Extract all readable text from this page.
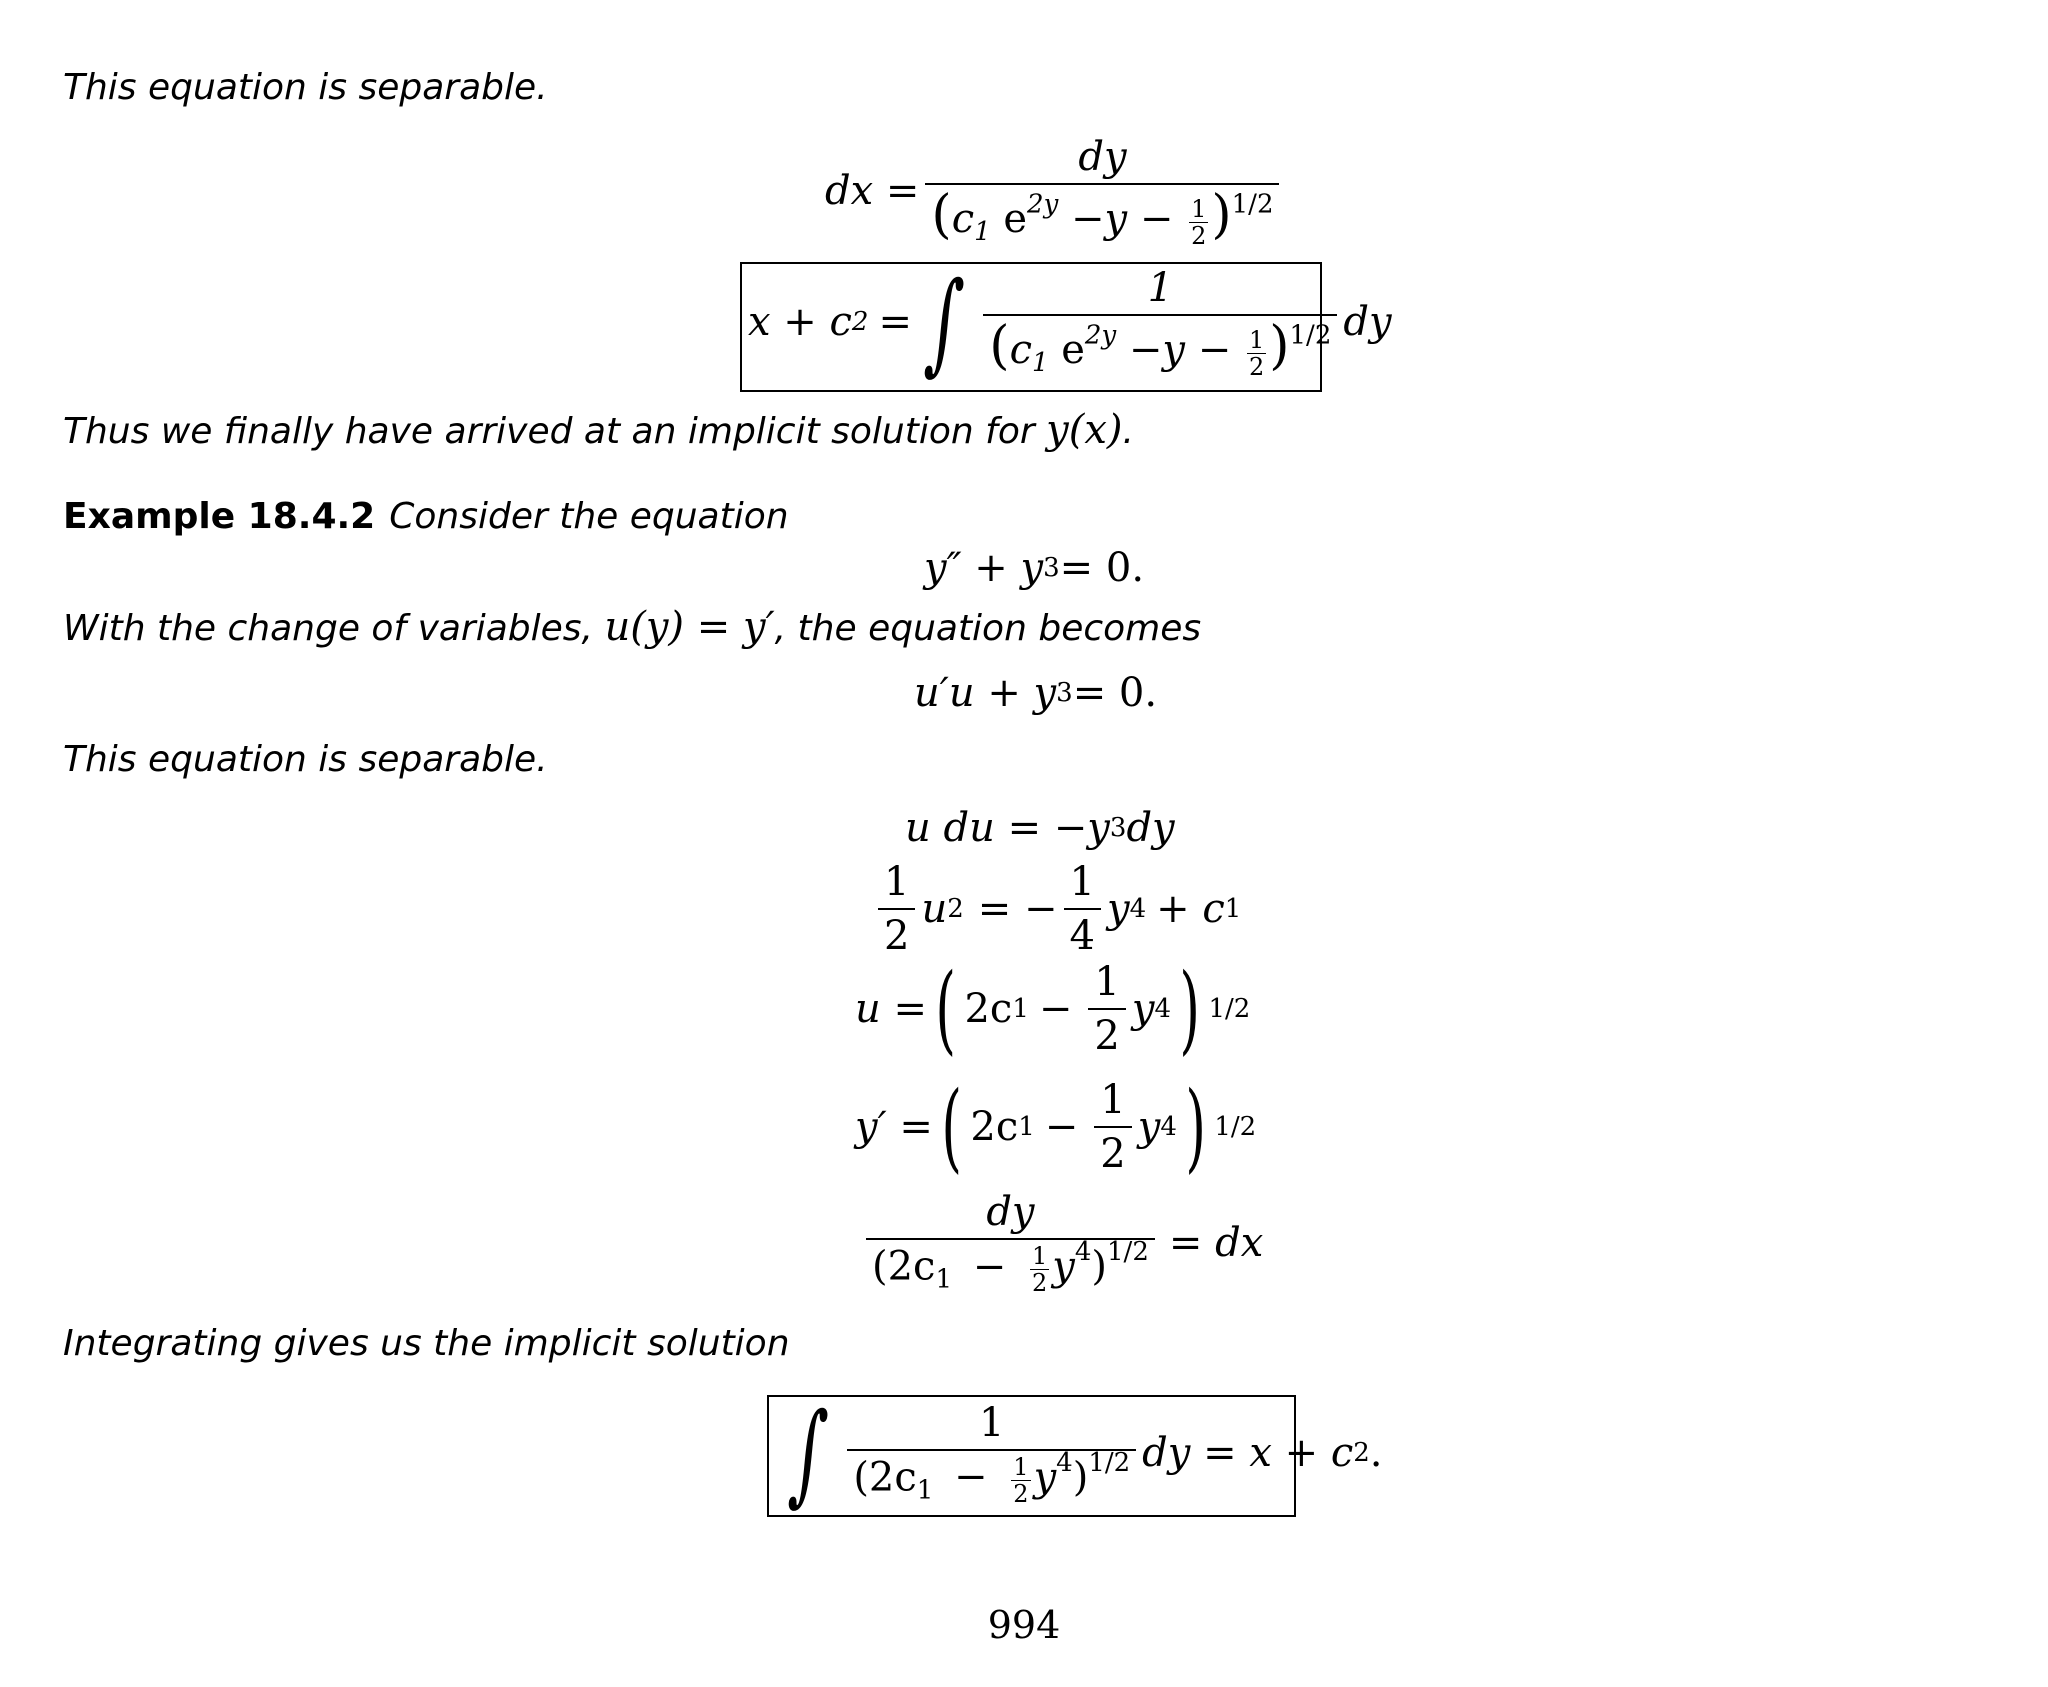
This equation is separable.
dx = $\frac{dy}{(c_1 e^{2y} -y - \frac{1}{2} )^{1/2}}$
x + c 2 = ∫ $\frac{1}{(c_1 e^{2y} -y - \frac{1}{2} )^{1/2}}$ dy
Thus we finally have arrived at an implicit solution for y(x).
Example 18.4.2 Consider the equation
y″ + y 3 = 0.
With the change of variables, u(y) = y′, the equation becomes
u′u + y 3 = 0.
This equation is separable.
u du
= −y 3 dy
$\frac{1}{2}$ u 2 = − $\frac{1}{4}$ y 4 + c 1
u = ( 2c $1 - \frac{1}{2}$ y 4 ) 1/2
y′ = ( 2c $1 - \frac{1}{2}$ y 4 ) 1/2
$\frac{dy}{(2c_1 - \frac{1}{2} y^4)^{1/2}}$ = dx
Integrating gives us the implicit solution
∫ $\frac{1}{(2c_1 - \frac{1}{2} y^4)^{1/2}}$ dy = x + c 2 .
994
